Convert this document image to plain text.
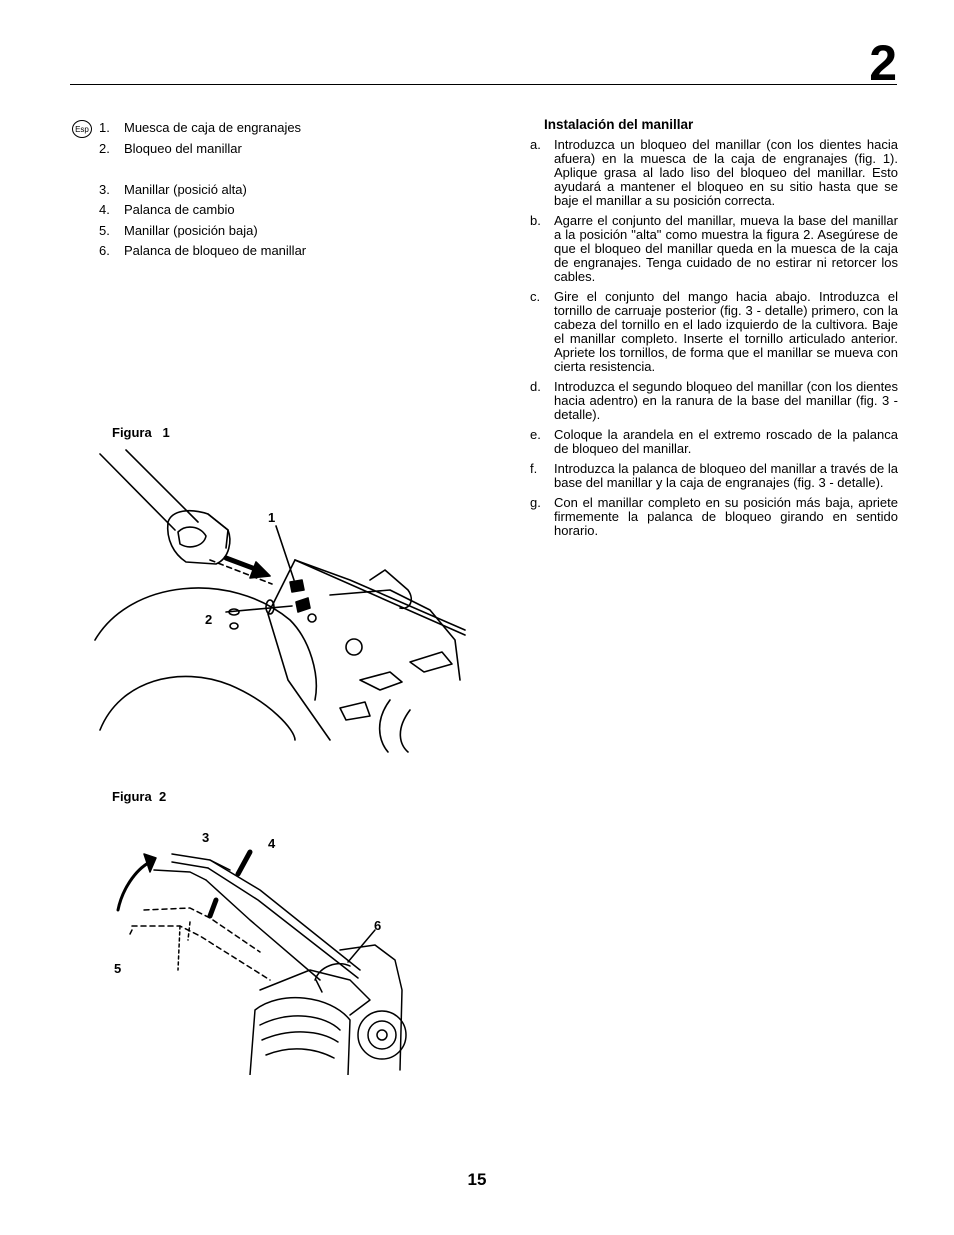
2
Esp 1.	Muesca de caja de engranajes
2.	Bloqueo del manillar
3.	Manillar (posició alta)
4.	Palanca de cambio
5.	Manillar (posición baja)
6.	Palanca de bloqueo de manillar
Instalación del manillar
a.	Introduzca un bloqueo del manillar (con los dientes hacia afuera) en la muesca de la caja de engranajes (fig. 1). Aplique grasa al lado liso del bloqueo del manillar. Esto ayudará a mantener el bloqueo en su sitio hasta que se baje el manillar a su posición correcta.
b.	Agarre el conjunto del manillar, mueva la base del manillar a la posición "alta" como muestra la figura 2. Asegúrese de que el bloqueo del manillar queda en la muesca de la caja de engranajes. Tenga cuidado de no estirar ni retorcer los cables.
c.	Gire el conjunto del mango hacia abajo. Introduzca el tornillo de carruaje posterior (fig. 3 - detalle) primero, con la cabeza del tornillo en el lado izquierdo de la cultivora. Baje el manillar completo. Inserte el tornillo articulado anterior. Apriete los tornillos, de forma que el manillar se mueva con cierta resistencia.
d.	Introduzca el segundo bloqueo del manillar (con los dientes hacia adentro) en la ranura de la base del manillar (fig. 3 - detalle).
e.	Coloque la arandela en el extremo roscado de la palanca de bloqueo del manillar.
f.	Introduzca la palanca de bloqueo del manillar a través de la base del manillar y la caja de engranajes (fig. 3 - detalle).
g.	Con el manillar completo en su posición más baja, apriete firmemente la palanca de bloqueo girando en sentido horario.
Figura   1
1
2
Figura  2
3	4
5
6
15
